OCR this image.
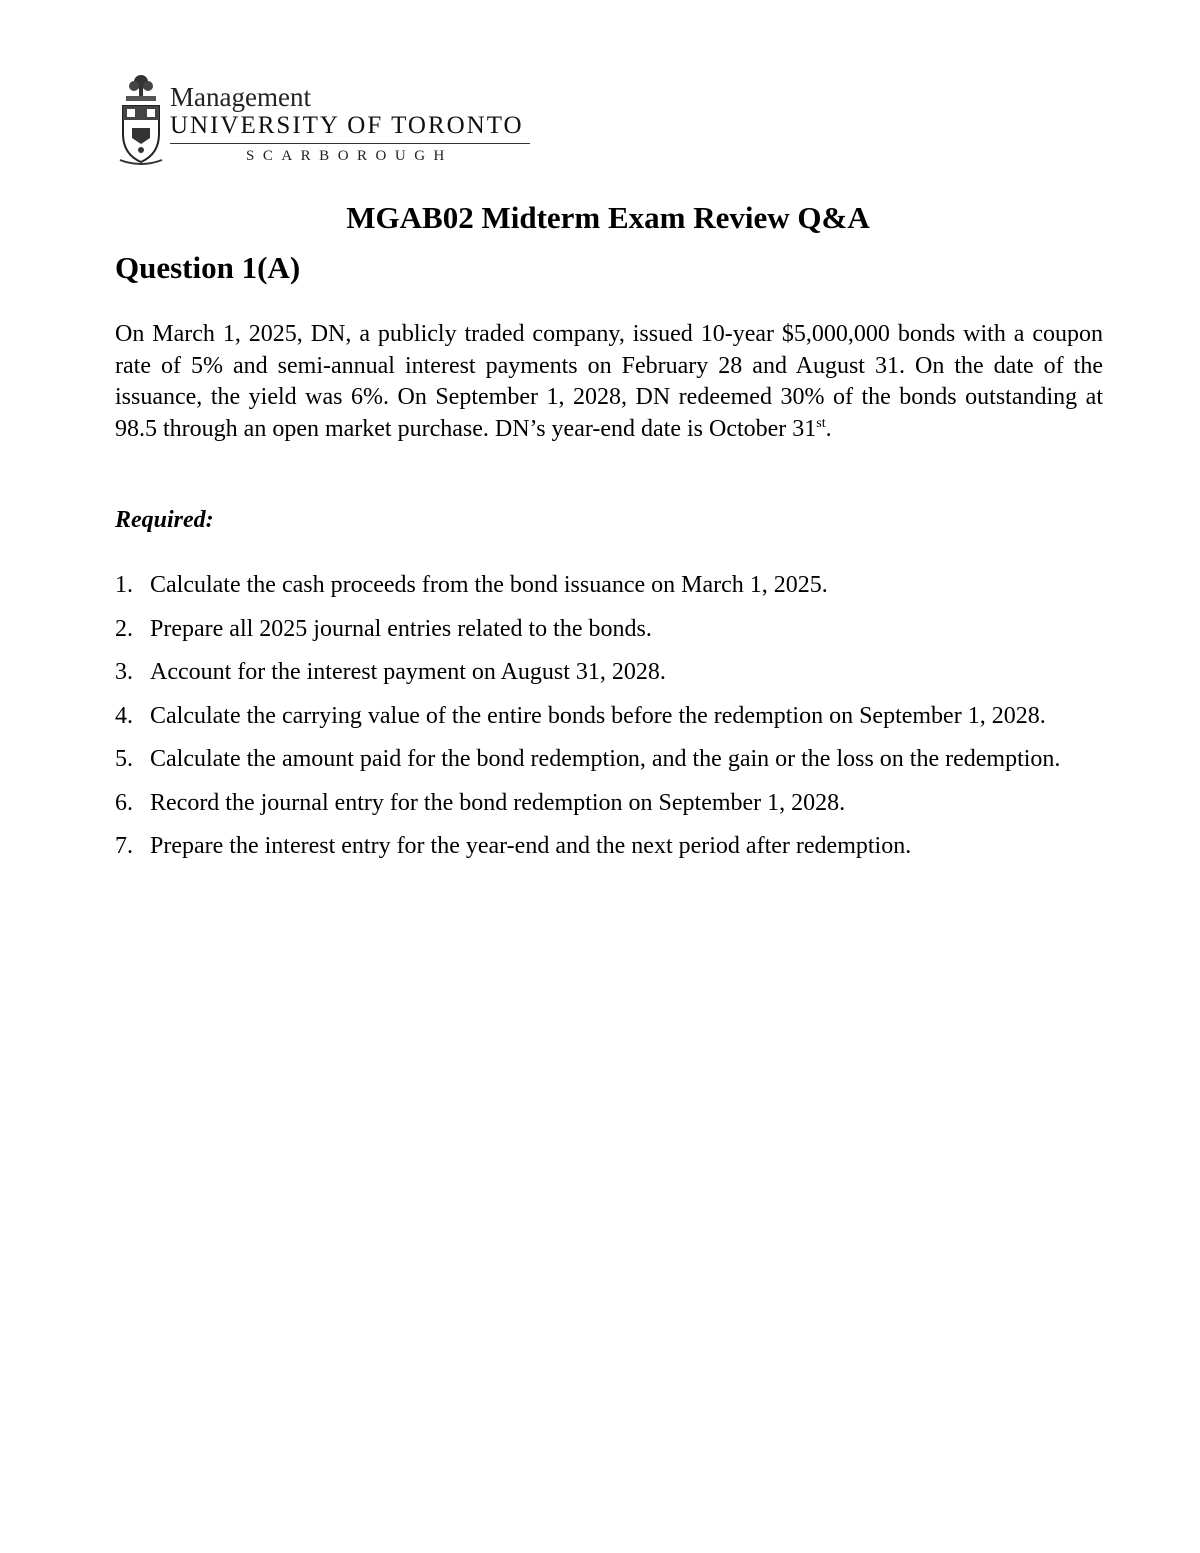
Management
UNIVERSITY OF TORONTO
SCARBOROUGH
MGAB02 Midterm Exam Review Q&A
Question 1(A)
On March 1, 2025, DN, a publicly traded company, issued 10-year $5,000,000 bonds with a coupon rate of 5% and semi-annual interest payments on February 28 and August 31. On the date of the issuance, the yield was 6%. On September 1, 2028, DN redeemed 30% of the bonds outstanding at 98.5 through an open market purchase. DN’s year-end date is October 31st.
Required:
1. Calculate the cash proceeds from the bond issuance on March 1, 2025.
2. Prepare all 2025 journal entries related to the bonds.
3. Account for the interest payment on August 31, 2028.
4. Calculate the carrying value of the entire bonds before the redemption on September 1, 2028.
5. Calculate the amount paid for the bond redemption, and the gain or the loss on the redemption.
6. Record the journal entry for the bond redemption on September 1, 2028.
7. Prepare the interest entry for the year-end and the next period after redemption.
